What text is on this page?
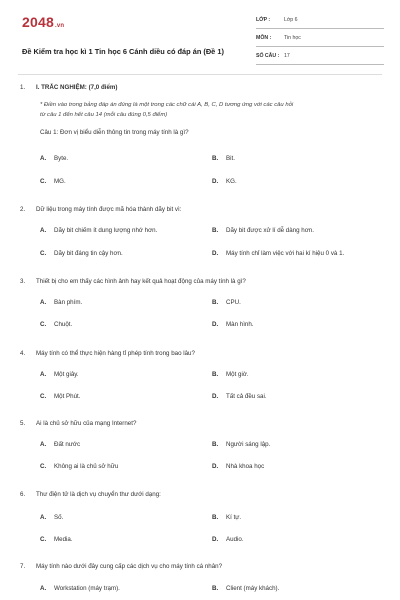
2048.vn
Đề Kiểm tra học kì 1 Tin học 6 Cánh diều có đáp án (Đề 1)
LỚP :	Lớp 6
MÔN : Tin học
SỐ CÂU : 17
1. I. TRẮC NGHIỆM: (7,0 điểm)
* Điền vào trong bảng đáp án đúng là một trong các chữ cái A, B, C, D tương ứng với các câu hỏi
từ câu 1 đến hết câu 14 (mỗi câu đúng 0,5 điểm)
Câu 1: Đơn vị biểu diễn thông tin trong máy tính là gì?
A. Byte.	B. Bit.
C. MG.	D. KG.
2. Dữ liệu trong máy tính được mã hóa thành dãy bit vì:
A. Dãy bit chiếm ít dung lượng nhớ hơn.	B. Dãy bit được xử lí dễ dàng hơn.
C. Dãy bit đáng tin cậy hơn.	D. Máy tính chỉ làm việc với hai kí hiệu 0 và 1.
3. Thiết bị cho em thấy các hình ảnh hay kết quả hoạt động của máy tính là gì?
A. Bàn phím.	B. CPU.
C. Chuột.	D. Màn hình.
4. Máy tính có thể thực hiện hàng tỉ phép tính trong bao lâu?
A. Một giây.	B. Một giờ.
C. Một Phút.	D. Tất cả đều sai.
5. Ai là chủ sở hữu của mạng Internet?
A. Đất nước	B. Người sáng lập.
C. Không ai là chủ sở hữu	D. Nhà khoa học
6. Thư điện tử là dịch vụ chuyển thư dưới dạng:
A. Số.	B. Kí tự.
C. Media.	D. Audio.
7. Máy tính nào dưới đây cung cấp các dịch vụ cho máy tính cá nhân?
A. Workstation (máy trạm).	B. Client (máy khách).
